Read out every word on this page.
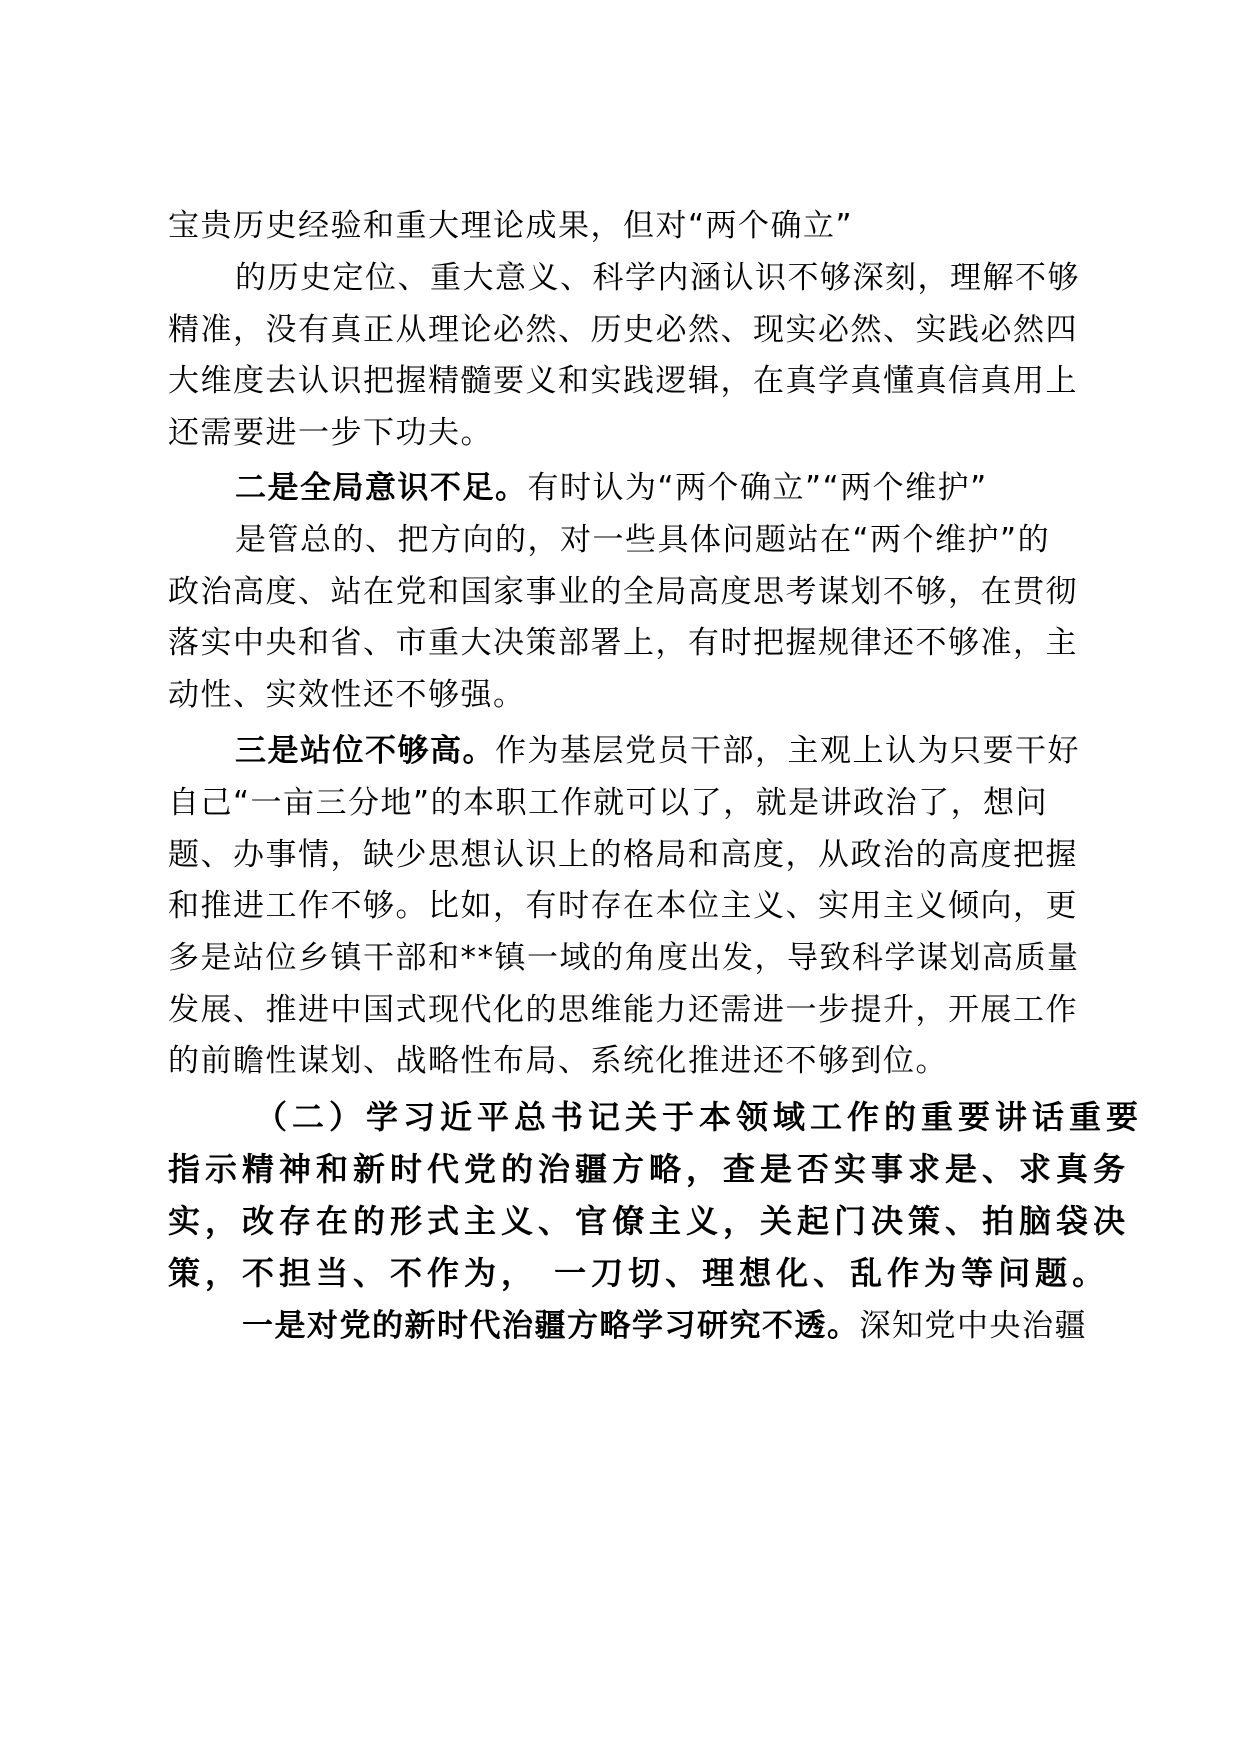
宝贵历史经验和重大理论成果，但对“两个确立”
的历史定位、重大意义、科学内涵认识不够深刻，理解不够
精准，没有真正从理论必然、历史必然、现实必然、实践必然四
大维度去认识把握精髓要义和实践逻辑，在真学真懂真信真用上
还需要进一步下功夫。
二是全局意识不足。有时认为“两个确立”“两个维护”
是管总的、把方向的，对一些具体问题站在“两个维护”的
政治高度、站在党和国家事业的全局高度思考谋划不够，在贯彻
落实中央和省、市重大决策部署上，有时把握规律还不够准，主
动性、实效性还不够强。
三是站位不够高。作为基层党员干部，主观上认为只要干好
自己“一亩三分地”的本职工作就可以了，就是讲政治了，想问
题、办事情，缺少思想认识上的格局和高度，从政治的高度把握
和推进工作不够。比如，有时存在本位主义、实用主义倾向，更
多是站位乡镇干部和**镇一域的角度出发，导致科学谋划高质量
发展、推进中国式现代化的思维能力还需进一步提升，开展工作
的前瞻性谋划、战略性布局、系统化推进还不够到位。
（二）学习近平总书记关于本领域工作的重要讲话重要
指示精神和新时代党的治疆方略，查是否实事求是、求真务
实，改存在的形式主义、官僚主义，关起门决策、拍脑袋决
策，不担当、不作为， 一刀切、理想化、乱作为等问题。
一是对党的新时代治疆方略学习研究不透。深知党中央治疆
